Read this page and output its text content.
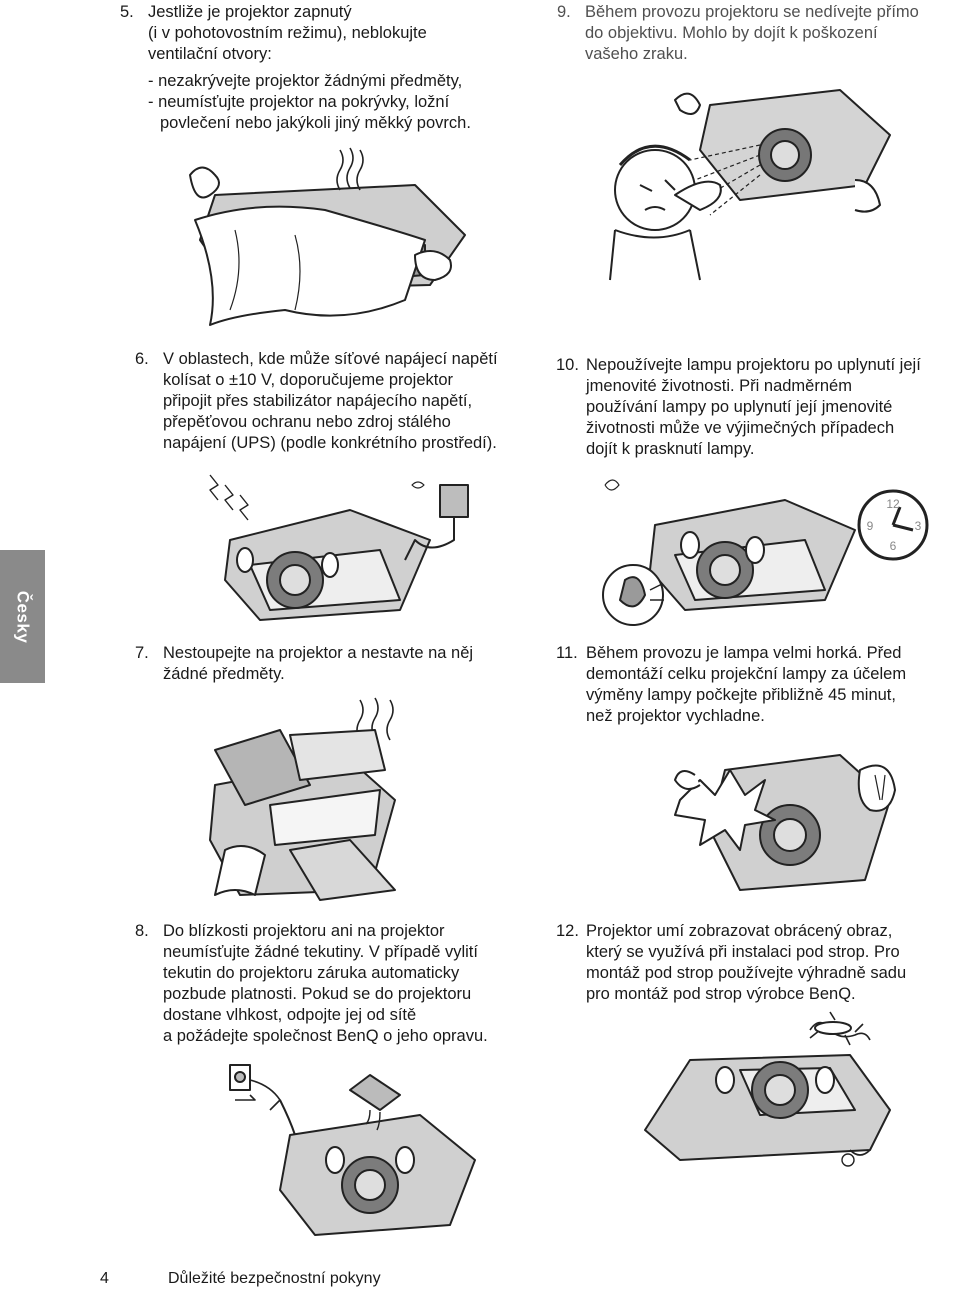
5. Jestliže je projektor zapnutý

(i v pohotovostním režimu), neblokujte

ventilační otvory:

- nezakrývejte projektor žádnými předměty,
- neumísťujte projektor na pokrývky, ložní
povlečení nebo jakýkoli jiný měkký povrch.
9. Během provozu projektoru se nedívejte přímo

do objektivu. Mohlo by dojít k poškození

vašeho zraku.

6. V oblastech, kde může síťové napájecí napětí

kolísat o ±10 V, doporučujeme projektor

připojit přes stabilizátor napájecího napětí,

přepěťovou ochranu nebo zdroj stálého

napájení (UPS) (podle konkrétního prostředí).

10. Nepoužívejte lampu projektoru po uplynutí její

jmenovité životnosti. Při nadměrném

používání lampy po uplynutí její jmenovité

životnosti může ve výjimečných případech

dojít k prasknutí lampy.

7. Nestoupejte na projektor a nestavte na něj

žádné předměty.

11. Během provozu je lampa velmi horká. Před

demontáží celku projekční lampy za účelem

výměny lampy počkejte přibližně 45 minut,

než projektor vychladne.

8. Do blízkosti projektoru ani na projektor

neumísťujte žádné tekutiny. V případě vylití

tekutin do projektoru záruka automaticky

pozbude platnosti. Pokud se do projektoru

dostane vlhkost, odpojte jej od sítě

a požádejte společnost BenQ o jeho opravu.

12. Projektor umí zobrazovat obrácený obraz,

který se využívá při instalaci pod strop. Pro

montáž pod strop používejte výhradně sadu

pro montáž pod strop výrobce BenQ.

12
3
6
9
Česky
4	Důležité bezpečnostní pokyny
